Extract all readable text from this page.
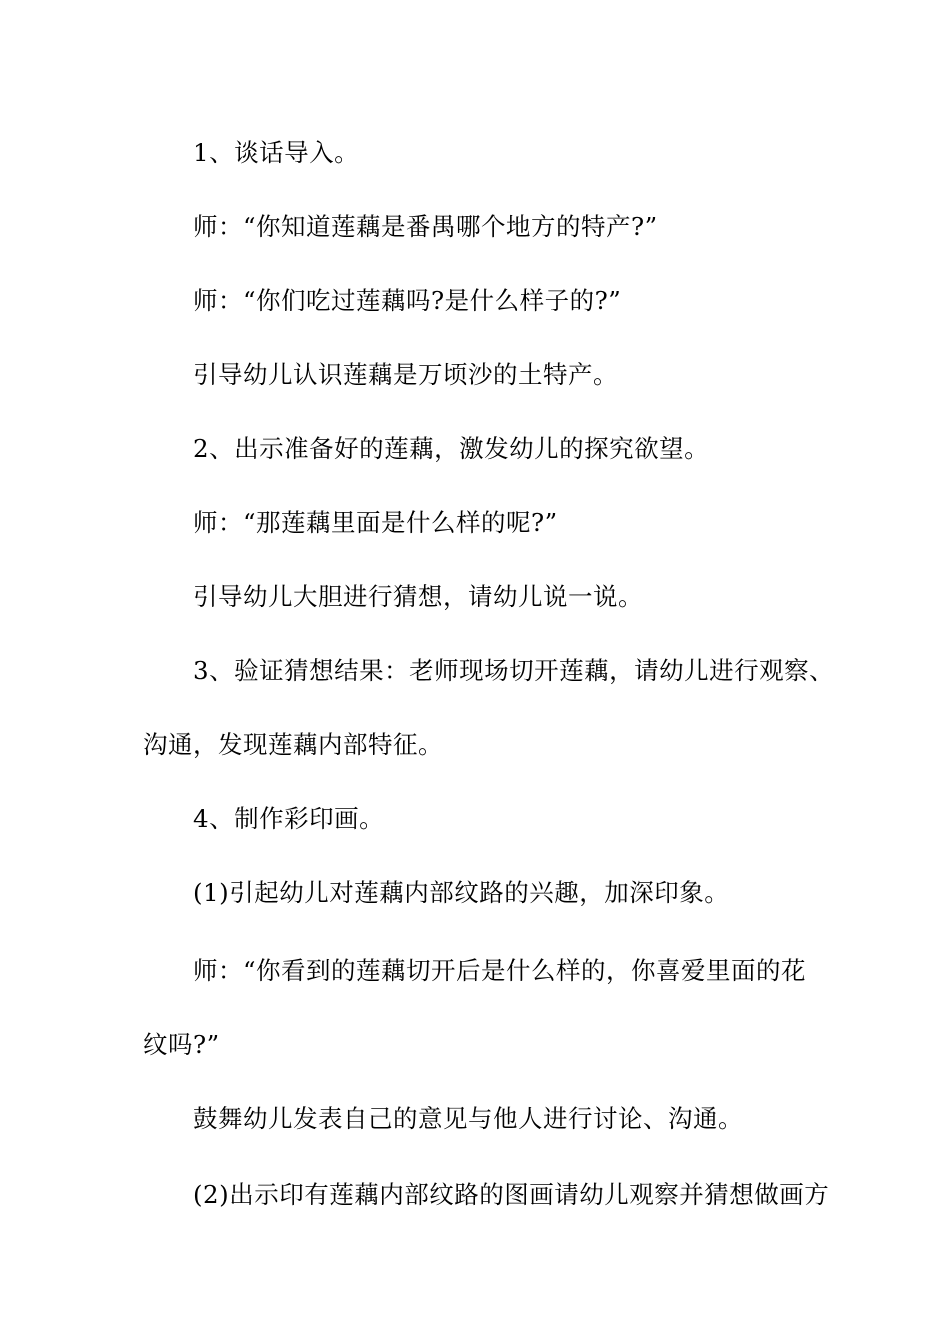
1、谈话导入。
师：“你知道莲藕是番禺哪个地方的特产?”
师：“你们吃过莲藕吗?是什么样子的?”
引导幼儿认识莲藕是万顷沙的土特产。
2、出示准备好的莲藕，激发幼儿的探究欲望。
师：“那莲藕里面是什么样的呢?”
引导幼儿大胆进行猜想，请幼儿说一说。
3、验证猜想结果：老师现场切开莲藕，请幼儿进行观察、
沟通，发现莲藕内部特征。
4、制作彩印画。
(1)引起幼儿对莲藕内部纹路的兴趣，加深印象。
师：“你看到的莲藕切开后是什么样的，你喜爱里面的花
纹吗?”
鼓舞幼儿发表自己的意见与他人进行讨论、沟通。
(2)出示印有莲藕内部纹路的图画请幼儿观察并猜想做画方
